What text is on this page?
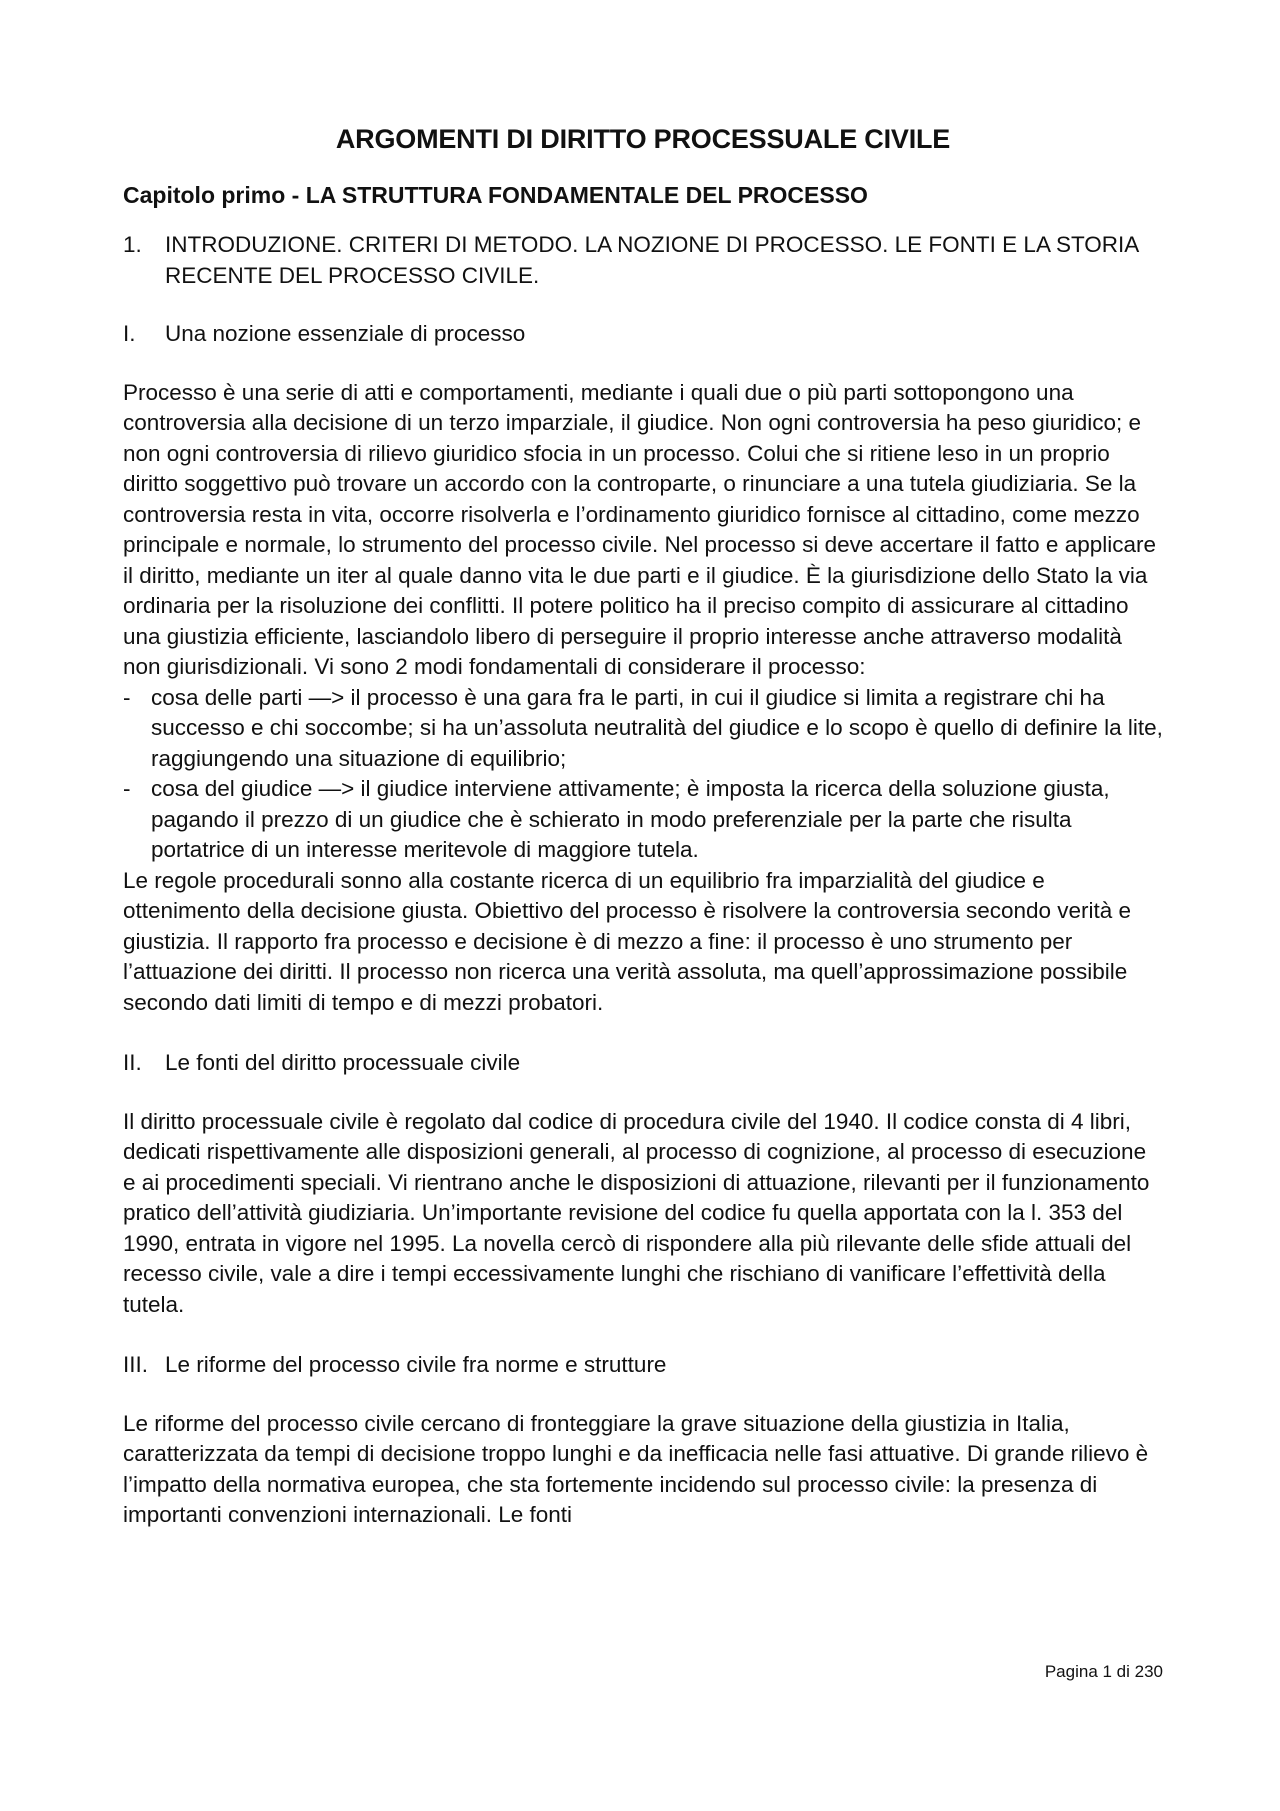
ARGOMENTI DI DIRITTO PROCESSUALE CIVILE
Capitolo primo - LA STRUTTURA FONDAMENTALE DEL PROCESSO
1.	INTRODUZIONE. CRITERI DI METODO. LA NOZIONE DI PROCESSO. LE FONTI E LA STORIA RECENTE DEL PROCESSO CIVILE.
I.	Una nozione essenziale di processo

Processo è una serie di atti e comportamenti, mediante i quali due o più parti sottopongono una controversia alla decisione di un terzo imparziale, il giudice. Non ogni controversia ha peso giuridico; e non ogni controversia di rilievo giuridico sfocia in un processo. Colui che si ritiene leso in un proprio diritto soggettivo può trovare un accordo con la controparte, o rinunciare a una tutela giudiziaria. Se la controversia resta in vita, occorre risolverla e l’ordinamento giuridico fornisce al cittadino, come mezzo principale e normale, lo strumento del processo civile. Nel processo si deve accertare il fatto e applicare il diritto, mediante un iter al quale danno vita le due parti e il giudice. È la giurisdizione dello Stato la via ordinaria per la risoluzione dei conflitti. Il potere politico ha il preciso compito di assicurare al cittadino una giustizia efficiente, lasciandolo libero di perseguire il proprio interesse anche attraverso modalità non giurisdizionali. Vi sono 2 modi fondamentali di considerare il processo:

- cosa delle parti —> il processo è una gara fra le parti, in cui il giudice si limita a registrare chi ha successo e chi soccombe; si ha un’assoluta neutralità del giudice e lo scopo è quello di definire la lite, raggiungendo una situazione di equilibrio;
- cosa del giudice —> il giudice interviene attivamente; è imposta la ricerca della soluzione giusta, pagando il prezzo di un giudice che è schierato in modo preferenziale per la parte che risulta portatrice di un interesse meritevole di maggiore tutela.

Le regole procedurali sonno alla costante ricerca di un equilibrio fra imparzialità del giudice e ottenimento della decisione giusta. Obiettivo del processo è risolvere la controversia secondo verità e giustizia. Il rapporto fra processo e decisione è di mezzo a fine: il processo è uno strumento per l’attuazione dei diritti. Il processo non ricerca una verità assoluta, ma quell’approssimazione possibile secondo dati limiti di tempo e di mezzi probatori.

II.	Le fonti del diritto processuale civile

Il diritto processuale civile è regolato dal codice di procedura civile del 1940. Il codice consta di 4 libri, dedicati rispettivamente alle disposizioni generali, al processo di cognizione, al processo di esecuzione e ai procedimenti speciali. Vi rientrano anche le disposizioni di attuazione, rilevanti per il funzionamento pratico dell’attività giudiziaria. Un’importante revisione del codice fu quella apportata con la l. 353 del 1990, entrata in vigore nel 1995. La novella cercò di rispondere alla più rilevante delle sfide attuali del recesso civile, vale a dire i tempi eccessivamente lunghi che rischiano di vanificare l’effettività della tutela.

III. Le riforme del processo civile fra norme e strutture

Le riforme del processo civile cercano di fronteggiare la grave situazione della giustizia in Italia, caratterizzata da tempi di decisione troppo lunghi e da inefficacia nelle fasi attuative. Di grande rilievo è l’impatto della normativa europea, che sta fortemente incidendo sul processo civile: la presenza di importanti convenzioni internazionali. Le fonti

Pagina 1 di 230
